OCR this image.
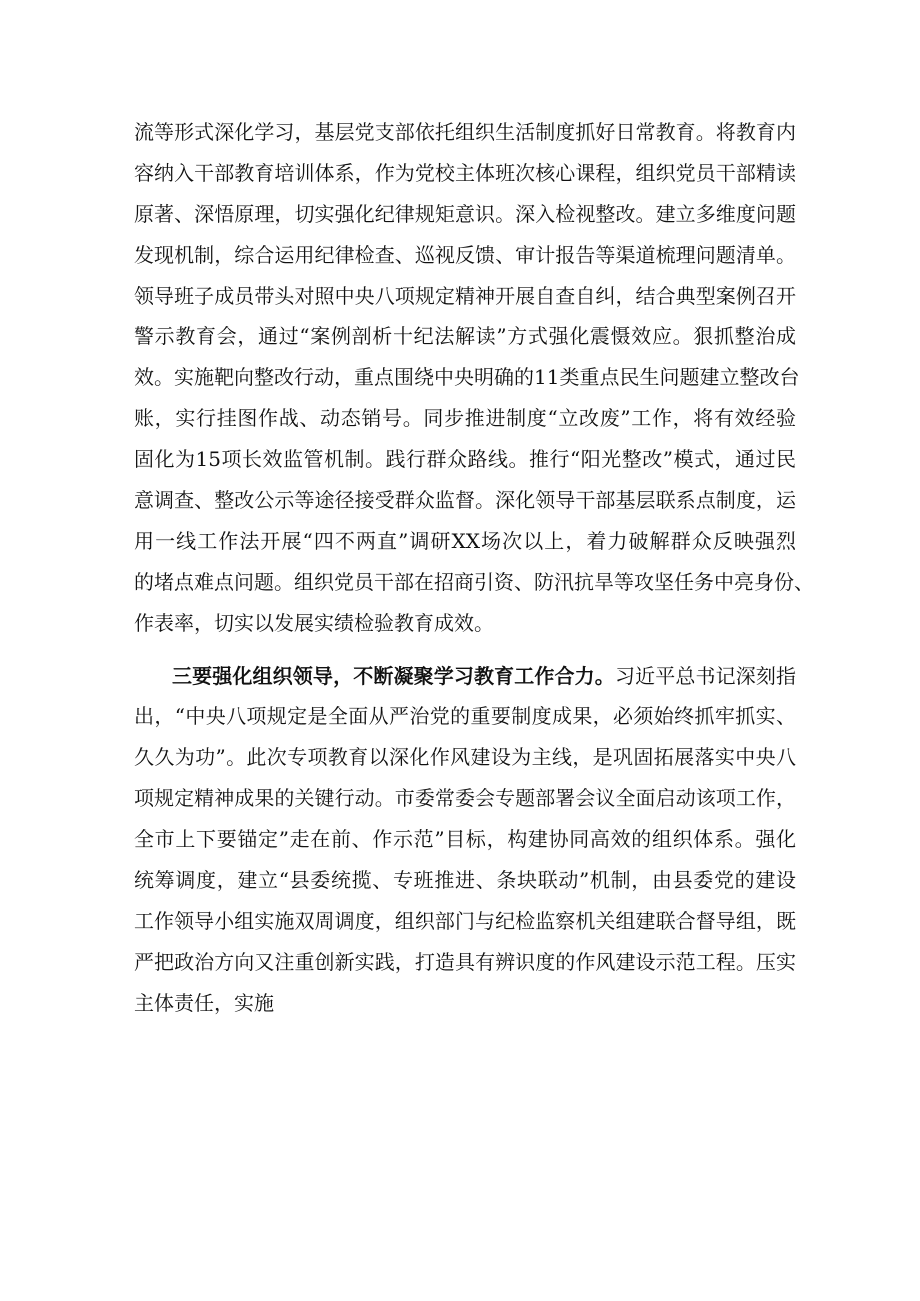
流等形式深化学习，基层党支部依托组织生活制度抓好日常教育。将教育内
容纳入干部教育培训体系，作为党校主体班次核心课程，组织党员干部精读
原著、深悟原理，切实强化纪律规矩意识。深入检视整改。建立多维度问题
发现机制，综合运用纪律检查、巡视反馈、审计报告等渠道梳理问题清单。
领导班子成员带头对照中央八项规定精神开展自查自纠，结合典型案例召开
警示教育会，通过“案例剖析十纪法解读”方式强化震慑效应。狠抓整治成
效。实施靶向整改行动，重点围绕中央明确的11类重点民生问题建立整改台
账，实行挂图作战、动态销号。同步推进制度“立改废”工作，将有效经验
固化为15项长效监管机制。践行群众路线。推行“阳光整改”模式，通过民
意调查、整改公示等途径接受群众监督。深化领导干部基层联系点制度，运
用一线工作法开展“四不两直”调研XX场次以上，着力破解群众反映强烈
的堵点难点问题。组织党员干部在招商引资、防汛抗旱等攻坚任务中亮身份、
作表率，切实以发展实绩检验教育成效。
三要强化组织领导，不断凝聚学习教育工作合力。习近平总书记深刻指
出，“中央八项规定是全面从严治党的重要制度成果，必须始终抓牢抓实、
久久为功”。此次专项教育以深化作风建设为主线，是巩固拓展落实中央八
项规定精神成果的关键行动。市委常委会专题部署会议全面启动该项工作，
全市上下要锚定”走在前、作示范”目标，构建协同高效的组织体系。强化
统筹调度，建立“县委统揽、专班推进、条块联动”机制，由县委党的建设
工作领导小组实施双周调度，组织部门与纪检监察机关组建联合督导组，既
严把政治方向又注重创新实践，打造具有辨识度的作风建设示范工程。压实
主体责任，实施
